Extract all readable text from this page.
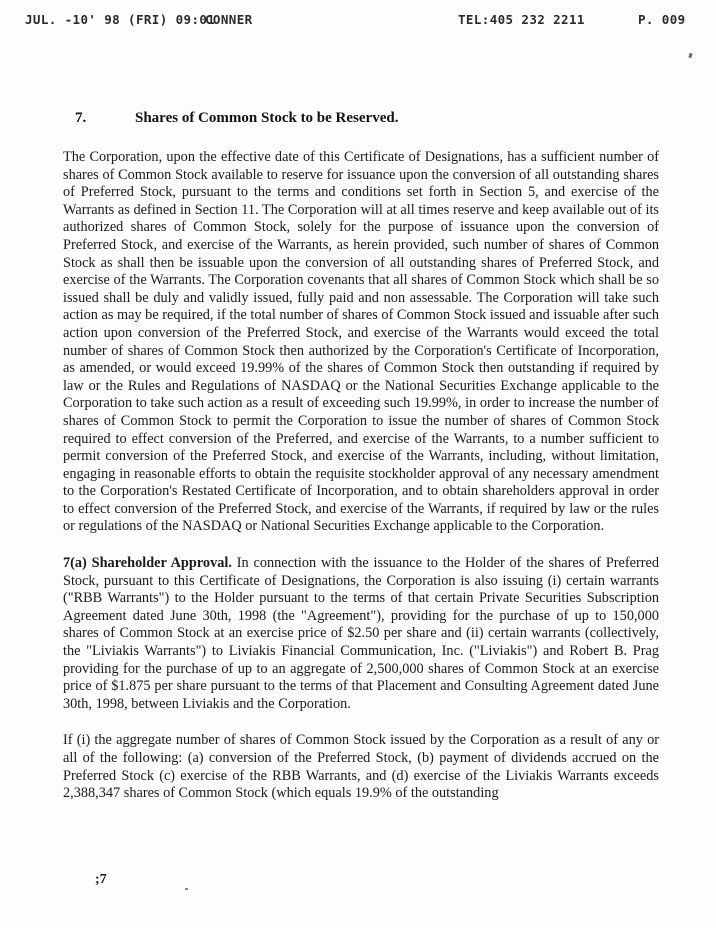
JUL. -10' 98 (FRI) 09:01
CONNER	TEL:405 232 2211	P. 009
7.	Shares of Common Stock to be Reserved.

The Corporation, upon the effective date of this Certificate of Designations, has a sufficient number of shares of Common Stock available to reserve for issuance upon the conversion of all outstanding shares of Preferred Stock, pursuant to the terms and conditions set forth in Section 5, and exercise of the Warrants as defined in Section 11. The Corporation will at all times reserve and keep available out of its authorized shares of Common Stock, solely for the purpose of issuance upon the conversion of Preferred Stock, and exercise of the Warrants, as herein provided, such number of shares of Common Stock as shall then be issuable upon the conversion of all outstanding shares of Preferred Stock, and exercise of the Warrants. The Corporation covenants that all shares of Common Stock which shall be so issued shall be duly and validly issued, fully paid and non assessable. The Corporation will take such action as may be required, if the total number of shares of Common Stock issued and issuable after such action upon conversion of the Preferred Stock, and exercise of the Warrants would exceed the total number of shares of Common Stock then authorized by the Corporation's Certificate of Incorporation, as amended, or would exceed 19.99% of the shares of Common Stock then outstanding if required by law or the Rules and Regulations of NASDAQ or the National Securities Exchange applicable to the Corporation to take such action as a result of exceeding such 19.99%, in order to increase the number of shares of Common Stock to permit the Corporation to issue the number of shares of Common Stock required to effect conversion of the Preferred, and exercise of the Warrants, to a number sufficient to permit conversion of the Preferred Stock, and exercise of the Warrants, including, without limitation, engaging in reasonable efforts to obtain the requisite stockholder approval of any necessary amendment to the Corporation's Restated Certificate of Incorporation, and to obtain shareholders approval in order to effect conversion of the Preferred Stock, and exercise of the Warrants, if required by law or the rules or regulations of the NASDAQ or National Securities Exchange applicable to the Corporation.

7(a) Shareholder Approval. In connection with the issuance to the Holder of the shares of Preferred Stock, pursuant to this Certificate of Designations, the Corporation is also issuing (i) certain warrants ("RBB Warrants") to the Holder pursuant to the terms of that certain Private Securities Subscription Agreement dated June 30th, 1998 (the "Agreement"), providing for the purchase of up to 150,000 shares of Common Stock at an exercise price of $2.50 per share and (ii) certain warrants (collectively, the "Liviakis Warrants") to Liviakis Financial Communication, Inc. ("Liviakis") and Robert B. Prag providing for the purchase of up to an aggregate of 2,500,000 shares of Common Stock at an exercise price of $1.875 per share pursuant to the terms of that Placement and Consulting Agreement dated June 30th, 1998, between Liviakis and the Corporation.

If (i) the aggregate number of shares of Common Stock issued by the Corporation as a result of any or all of the following: (a) conversion of the Preferred Stock, (b) payment of dividends accrued on the Preferred Stock (c) exercise of the RBB Warrants, and (d) exercise of the Liviakis Warrants exceeds 2,388,347 shares of Common Stock (which equals 19.9% of the outstanding

;7
